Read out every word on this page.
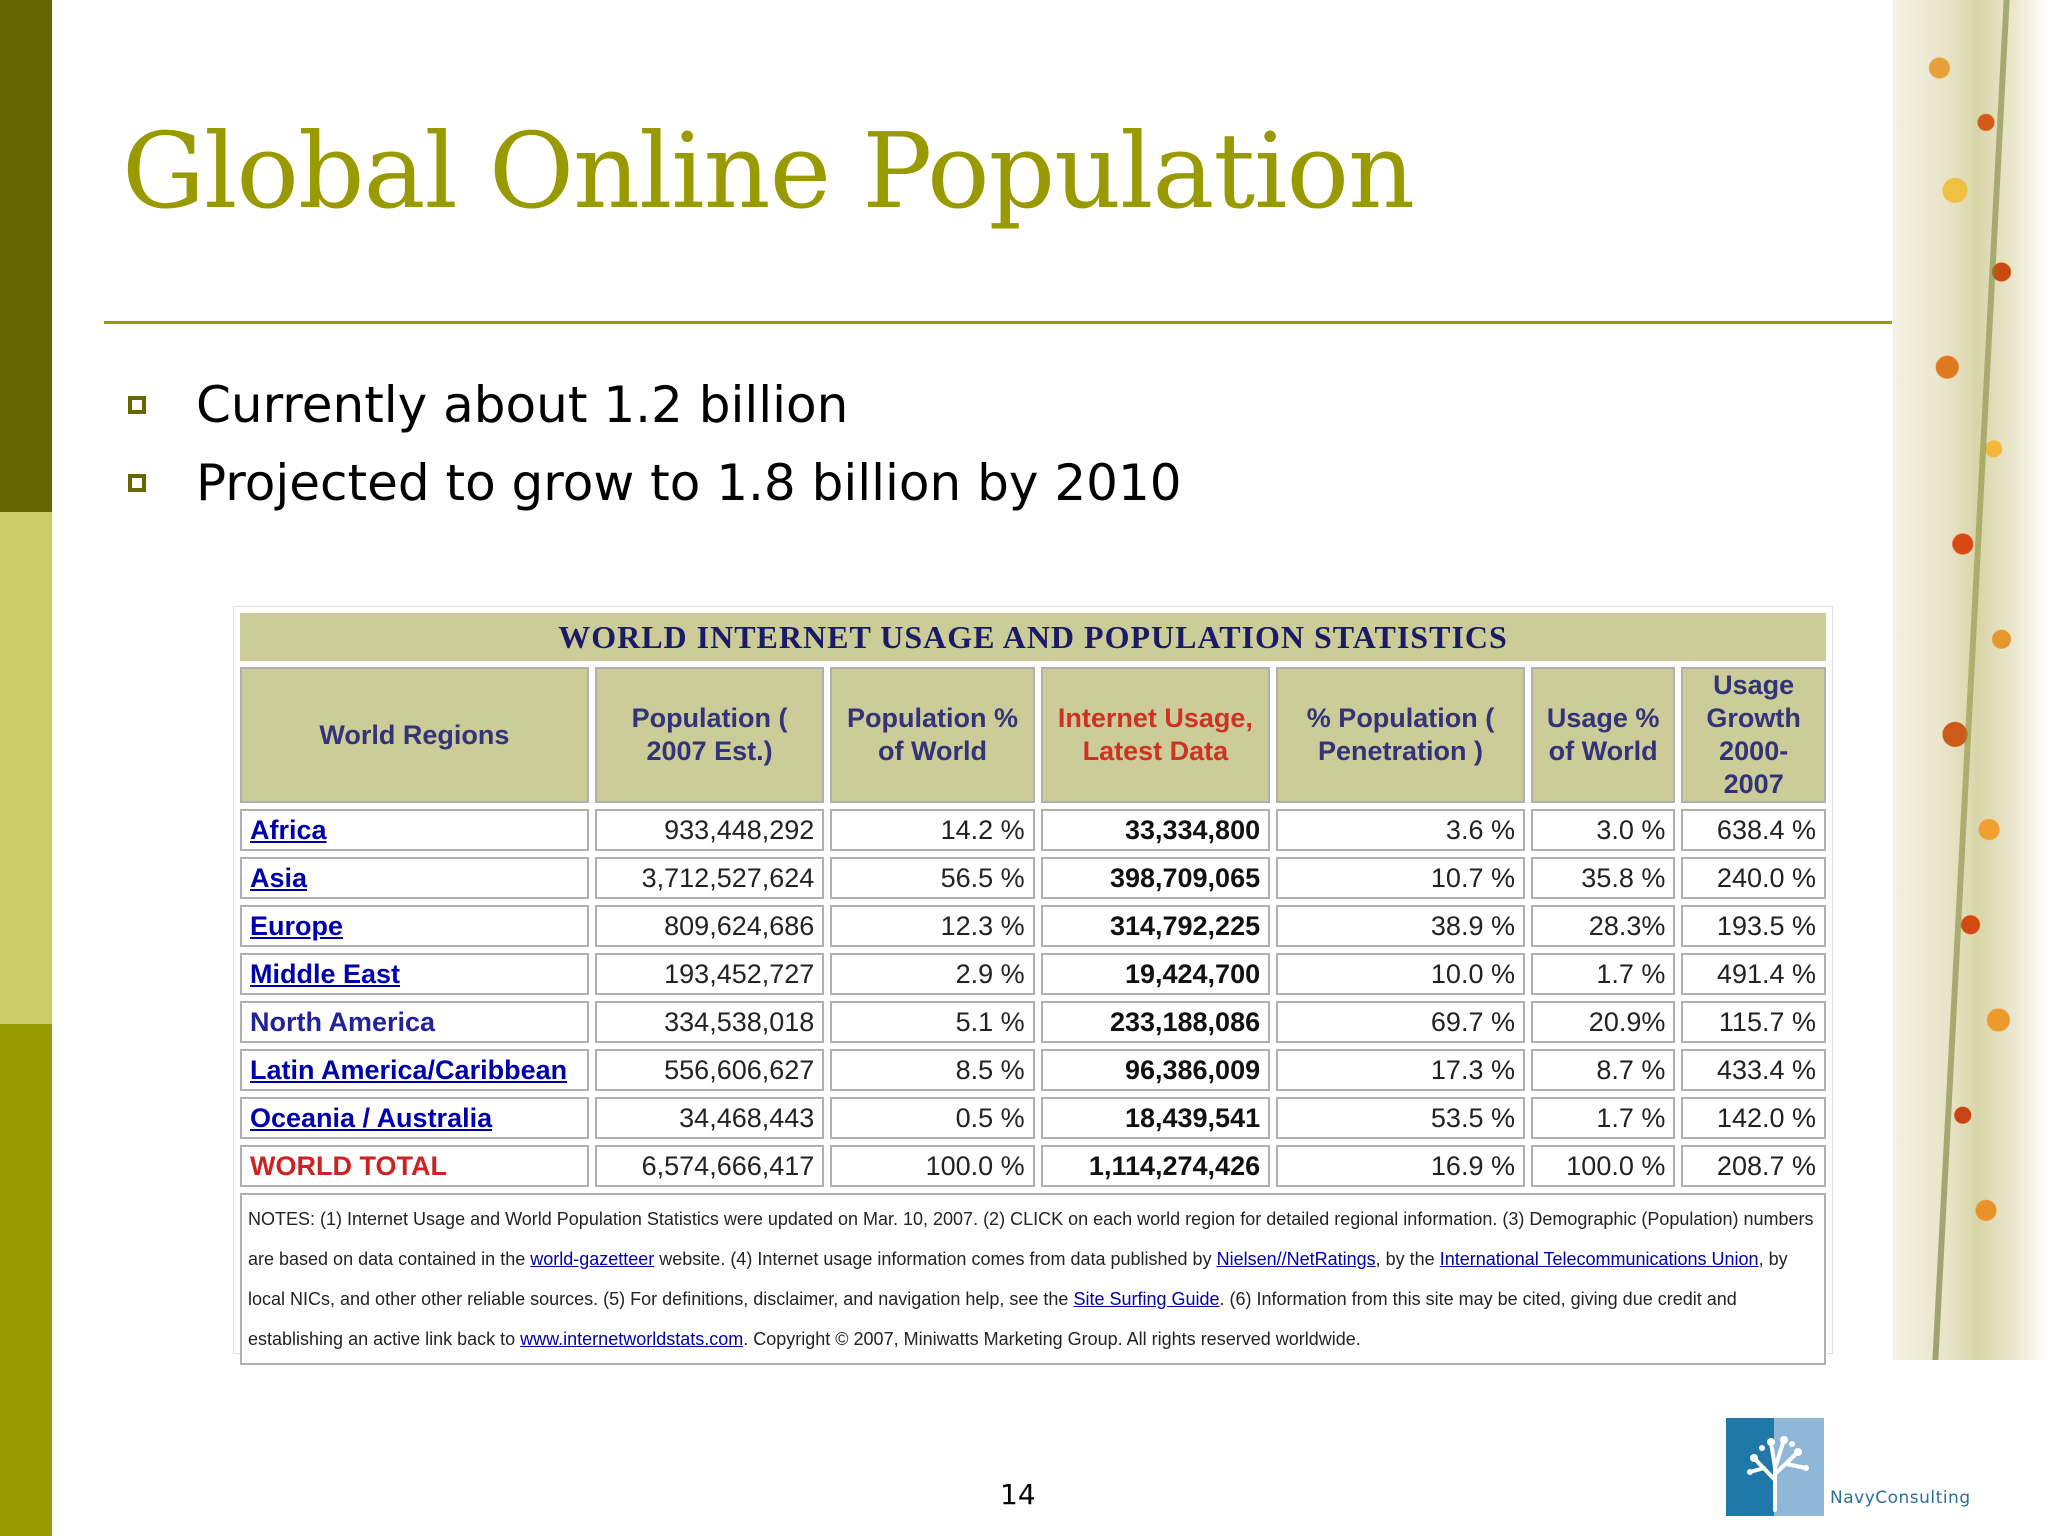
Global Online Population
Currently about 1.2 billion
Projected to grow to 1.8 billion by 2010
WORLD INTERNET USAGE AND POPULATION STATISTICS						
World Regions	Population ( 2007 Est.)	Population % of World	Internet Usage, Latest Data	% Population ( Penetration )	Usage % of World	Usage Growth 2000-2007
Africa	933,448,292	14.2 %	33,334,800	3.6 %	3.0 %	638.4 %
Asia	3,712,527,624	56.5 %	398,709,065	10.7 %	35.8 %	240.0 %
Europe	809,624,686	12.3 %	314,792,225	38.9 %	28.3%	193.5 %
Middle East	193,452,727	2.9 %	19,424,700	10.0 %	1.7 %	491.4 %
North America	334,538,018	5.1 %	233,188,086	69.7 %	20.9%	115.7 %
Latin America/Caribbean	556,606,627	8.5 %	96,386,009	17.3 %	8.7 %	433.4 %
Oceania / Australia	34,468,443	0.5 %	18,439,541	53.5 %	1.7 %	142.0 %
WORLD TOTAL	6,574,666,417	100.0 %	1,114,274,426	16.9 %	100.0 %	208.7 %
NOTES: (1) Internet Usage and World Population Statistics were updated on Mar. 10, 2007. (2) CLICK on each world region for detailed regional information. (3) Demographic (Population) numbers are based on data contained in the world-gazetteer website. (4) Internet usage information comes from data published by Nielsen//NetRatings, by the International Telecommunications Union, by local NICs, and other other reliable sources. (5) For definitions, disclaimer, and navigation help, see the Site Surfing Guide. (6) Information from this site may be cited, giving due credit and establishing an active link back to www.internetworldstats.com. Copyright © 2007, Miniwatts Marketing Group. All rights reserved worldwide.						
14	NavyConsulting
